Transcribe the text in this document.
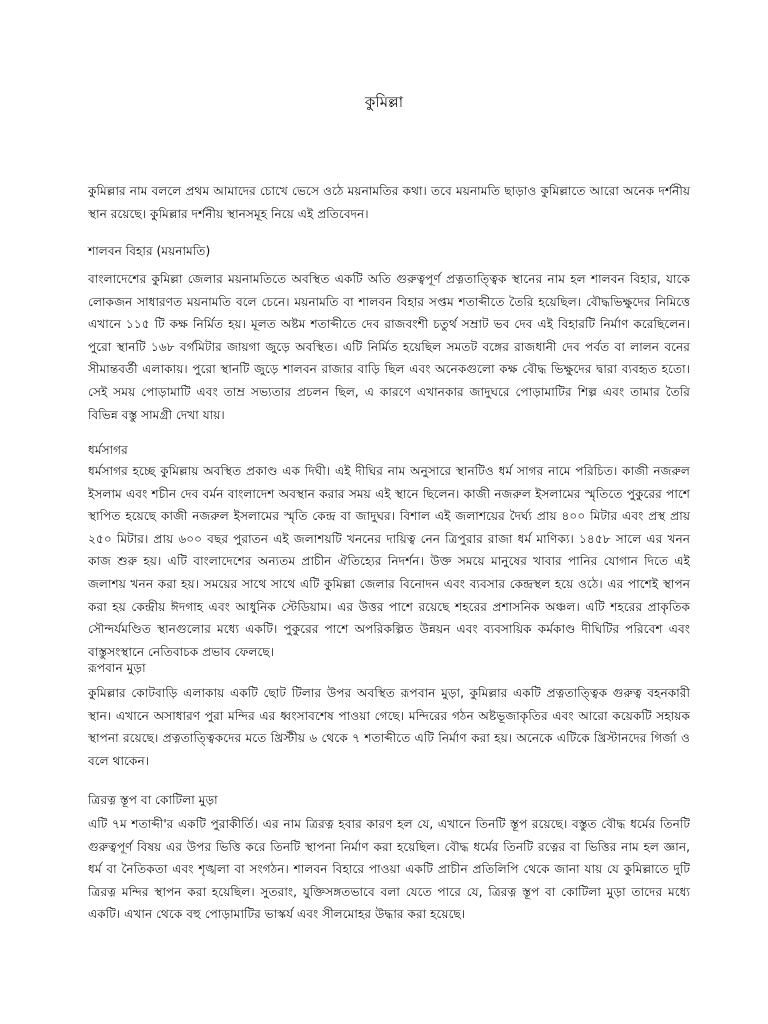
কুমিল্লা

কুমিল্লার নাম বললে প্রথম আমাদের চোখে ভেসে ওঠে ময়নামতির কথা। তবে ময়নামতি ছাড়াও কুমিল্লাতে আরো অনেক দর্শনীয় স্থান রয়েছে। কুমিল্লার দর্শনীয় স্থানসমূহ নিয়ে এই প্রতিবেদন।

শালবন বিহার (ময়নামতি)

বাংলাদেশের কুমিল্লা জেলার ময়নামতিতে অবস্থিত একটি অতি গুরুত্বপূর্ণ প্রত্নতাত্ত্বিক স্থানের নাম হল শালবন বিহার, যাকে লোকজন সাধারণত ময়নামতি বলে চেনে। ময়নামতি বা শালবন বিহার সপ্তম শতাব্দীতে তৈরি হয়েছিল। বৌদ্ধভিক্ষুদের নিমিত্তে এখানে ১১৫ টি কক্ষ নির্মিত হয়। মূলত অষ্টম শতাব্দীতে দেব রাজবংশী চতুর্থ সম্রাট ভব দেব এই বিহারটি নির্মাণ করেছিলেন। পুরো স্থানটি ১৬৮ বর্গমিটার জায়গা জুড়ে অবস্থিত। এটি নির্মিত হয়েছিল সমতট বঙ্গের রাজধানী দেব পর্বত বা লালন বনের সীমান্তবর্তী এলাকায়। পুরো স্থানটি জুড়ে শালবন রাজার বাড়ি ছিল এবং অনেকগুলো কক্ষ বৌদ্ধ ভিক্ষুদের দ্বারা ব্যবহৃত হতো। সেই সময় পোড়ামাটি এবং তাম্র সভ্যতার প্রচলন ছিল, এ কারণে এখানকার জাদুঘরে পোড়ামাটির শিল্প এবং তামার তৈরি বিভিন্ন বস্তু সামগ্রী দেখা যায়।

ধর্মসাগর

ধর্মসাগর হচ্ছে কুমিল্লায় অবস্থিত প্রকাণ্ড এক দিঘী। এই দীঘির নাম অনুসারে স্থানটিও ধর্ম সাগর নামে পরিচিত। কাজী নজরুল ইসলাম এবং শচীন দেব বর্মন বাংলাদেশ অবস্থান করার সময় এই স্থানে ছিলেন। কাজী নজরুল ইসলামের স্মৃতিতে পুকুরের পাশে স্থাপিত হয়েছে কাজী নজরুল ইসলামের স্মৃতি কেন্দ্র বা জাদুঘর। বিশাল এই জলাশয়ের দৈর্ঘ্য প্রায় ৪০০ মিটার এবং প্রস্থ প্রায় ২৫০ মিটার। প্রায় ৬০০ বছর পুরাতন এই জলাশয়টি খননের দায়িত্ব নেন ত্রিপুরার রাজা ধর্ম মাণিক্য। ১৪৫৮ সালে এর খনন কাজ শুরু হয়। এটি বাংলাদেশের অন্যতম প্রাচীন ঐতিহ্যের নিদর্শন। উক্ত সময়ে মানুষের খাবার পানির যোগান দিতে এই জলাশয় খনন করা হয়। সময়ের সাথে সাথে এটি কুমিল্লা জেলার বিনোদন এবং ব্যবসার কেন্দ্রস্থল হয়ে ওঠে। এর পাশেই স্থাপন করা হয় কেন্দ্রীয় ঈদগাহ এবং আধুনিক স্টেডিয়াম। এর উত্তর পাশে রয়েছে শহরের প্রশাসনিক অঞ্চল। এটি শহরের প্রাকৃতিক সৌন্দর্যমণ্ডিত স্থানগুলোর মধ্যে একটি। পুকুরের পাশে অপরিকল্পিত উন্নয়ন এবং ব্যবসায়িক কর্মকাণ্ড দীঘিটির পরিবেশ এবং বাস্তুসংস্থানে নেতিবাচক প্রভাব ফেলছে।

রূপবান মুড়া

কুমিল্লার কোটবাড়ি এলাকায় একটি ছোট টিলার উপর অবস্থিত রূপবান মুড়া, কুমিল্লার একটি প্রত্নতাত্ত্বিক গুরুত্ব বহনকারী স্থান। এখানে অসাধারণ পুরা মন্দির এর ধ্বংসাবশেষ পাওয়া গেছে। মন্দিরের গঠন অষ্টভূজাকৃতির এবং আরো কয়েকটি সহায়ক স্থাপনা রয়েছে। প্রত্নতাত্ত্বিকদের মতে খ্রিস্টীয় ৬ থেকে ৭ শতাব্দীতে এটি নির্মাণ করা হয়। অনেকে এটিকে খ্রিস্টানদের গির্জা ও বলে থাকেন।

ত্রিরত্ন স্তূপ বা কোটিলা মুড়া

এটি ৭ম শতাব্দী'র একটি পুরাকীর্তি। এর নাম ত্রিরত্ন হবার কারণ হল যে, এখানে তিনটি স্তূপ রয়েছে। বস্তুত বৌদ্ধ ধর্মের তিনটি গুরুত্বপূর্ণ বিষয় এর উপর ভিত্তি করে তিনটি স্থাপনা নির্মাণ করা হয়েছিল। বৌদ্ধ ধর্মের তিনটি রত্নের বা ভিত্তির নাম হল জ্ঞান, ধর্ম বা নৈতিকতা এবং শৃঙ্খলা বা সংগঠন। শালবন বিহারে পাওয়া একটি প্রাচীন প্রতিলিপি থেকে জানা যায় যে কুমিল্লাতে দুটি ত্রিরত্ন মন্দির স্থাপন করা হয়েছিল। সুতরাং, যুক্তিসঙ্গতভাবে বলা যেতে পারে যে, ত্রিরত্ন স্তূপ বা কোটিলা মুড়া তাদের মধ্যে একটি। এখান থেকে বহু পোড়ামাটির ভাস্কর্য এবং সীলমোহর উদ্ধার করা হয়েছে।
